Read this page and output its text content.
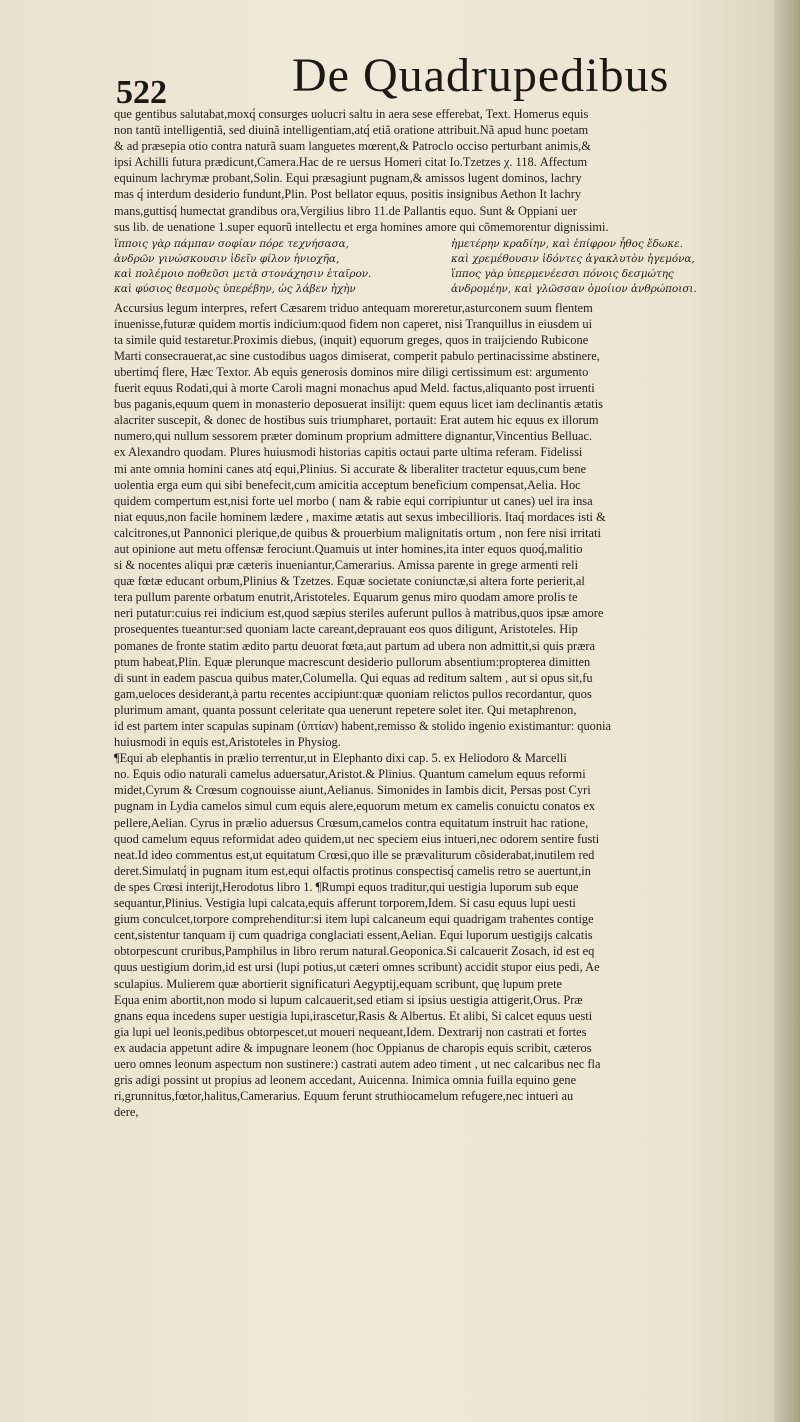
522	De Quadrupedibus
que gentibus salutabat,moxq́ consurges uolucri saltu in aera sese efferebat, Text. Homerus equis
non tantũ intelligentiã, sed diuinã intelligentiam,atq́ etiã oratione attribuit.Nã apud hunc poetam
& ad præsepia otio contra naturã suam languetes mœrent,& Patroclo occiso perturbant animis,&
ipsi Achilli futura prædicunt,Camera.Hac de re uersus Homeri citat Io.Tzetzes χ. 118. Affectum
equinum lachrymæ probant,Solin. Equi præsagiunt pugnam,& amissos lugent dominos, lachry
mas q́ interdum desiderio fundunt,Plin. Post bellator equus, positis insignibus Aethon It lachry
mans,guttisq́ humectat grandibus ora,Vergilius libro 11.de Pallantis equo. Sunt & Oppiani uer
sus lib. de uenatione 1.super equorũ intellectu et erga homines amore qui cõmemorentur dignissimi.
ἵπποις γὰρ πάμπαν σοφίαν πόρε τεχνήσασα,	ἡμετέρην κραδίην, καὶ ἐπίφρον ἦθος ἔδωκε.
ἀνδρῶν γινώσκουσιν ἰδεῖν φίλον ἡνιοχῆα,	καὶ χρεμέθουσιν ἰδόντες ἀγακλυτὸν ἡγεμόνα,
καὶ πολέμοιο ποθεῦσι μετὰ στονάχησιν ἑταῖρον.	ἵππος γὰρ ὑπερμενέεσσι πόνοις δεσμώτης
καὶ φύσιος θεσμοὺς ὑπερέβην, ὡς λάβεν ἠχὴν	ἀνδρομέην, καὶ γλῶσσαν ὁμοίιον ἀνθρώποισι.
Accursius legum interpres, refert Cæsarem triduo antequam moreretur,asturconem suum flentem
inuenisse,futuræ quidem mortis indicium:quod fidem non caperet, nisi Tranquillus in eiusdem ui
ta simile quid testaretur.Proximis diebus, (inquit) equorum greges, quos in traijciendo Rubicone
Marti consecrauerat,ac sine custodibus uagos dimiserat, comperit pabulo pertinacissime abstinere,
ubertimq́ flere, Hæc Textor. Ab equis generosis dominos mire diligi certissimum est: argumento
fuerit equus Rodati,qui à morte Caroli magni monachus apud Meld. factus,aliquanto post irruenti
bus paganis,equum quem in monasterio deposuerat insilijt: quem equus licet iam declinantis ætatis
alacriter suscepit, & donec de hostibus suis triumpharet, portauit: Erat autem hic equus ex illorum
numero,qui nullum sessorem præter dominum proprium admittere dignantur,Vincentius Belluac.
ex Alexandro quodam. Plures huiusmodi historias capitis octaui parte ultima referam. Fidelissi
mi ante omnia homini canes atq́ equi,Plinius. Si accurate & liberaliter tractetur equus,cum bene
uolentia erga eum qui sibi benefecit,cum amicitia acceptum beneficium compensat,Aelia. Hoc
quidem compertum est,nisi forte uel morbo ( nam & rabie equi corripiuntur ut canes) uel ira insa
niat equus,non facile hominem lædere , maxime ætatis aut sexus imbecillioris. Itaq́ mordaces isti &
calcitrones,ut Pannonici plerique,de quibus & prouerbium malignitatis ortum , non fere nisi irritati
aut opinione aut metu offensæ ferociunt.Quamuis ut inter homines,ita inter equos quoq́,malitio
si & nocentes aliqui præ cæteris inueniantur,Camerarius. Amissa parente in grege armenti reli
quæ fœtæ educant orbum,Plinius & Tzetzes. Equæ societate coniunctæ,si altera forte perierit,al
tera pullum parente orbatum enutrit,Aristoteles. Equarum genus miro quodam amore prolis te
neri putatur:cuius rei indicium est,quod sæpius steriles auferunt pullos à matribus,quos ipsæ amore
prosequentes tueantur:sed quoniam lacte careant,deprauant eos quos diligunt, Aristoteles. Hip
pomanes de fronte statim ædito partu deuorat fœta,aut partum ad ubera non admittit,si quis præra
ptum habeat,Plin. Equæ plerunque macrescunt desiderio pullorum absentium:propterea dimitten
di sunt in eadem pascua quibus mater,Columella. Qui equas ad reditum saltem , aut si opus sit,fu
gam,ueloces desiderant,à partu recentes accipiunt:quæ quoniam relictos pullos recordantur, quos
plurimum amant, quanta possunt celeritate qua uenerunt repetere solet iter. Qui metaphrenon,
id est partem inter scapulas supinam (ὑπτίαν) habent,remisso & stolido ingenio existimantur: quonia
huiusmodi in equis est,Aristoteles in Physiog.
¶Equi ab elephantis in prælio terrentur,ut in Elephanto dixi cap. 5. ex Heliodoro & Marcelli
no. Equis odio naturali camelus aduersatur,Aristot.& Plinius. Quantum camelum equus reformi
midet,Cyrum & Crœsum cognouisse aiunt,Aelianus. Simonides in Iambis dicit, Persas post Cyri
pugnam in Lydia camelos simul cum equis alere,equorum metum ex camelis conuictu conatos ex
pellere,Aelian. Cyrus in prælio aduersus Crœsum,camelos contra equitatum instruit hac ratione,
quod camelum equus reformidat adeo quidem,ut nec speciem eius intueri,nec odorem sentire fusti
neat.Id ideo commentus est,ut equitatum Crœsi,quo ille se prævaliturum cõsiderabat,inutilem red
deret.Simulatq́ in pugnam itum est,equi olfactis protinus conspectisq́ camelis retro se auertunt,in
de spes Crœsi interijt,Herodotus libro 1. ¶Rumpi equos traditur,qui uestigia luporum sub eque
sequantur,Plinius. Vestigia lupi calcata,equis afferunt torporem,Idem. Si casu equus lupi uesti
gium conculcet,torpore comprehenditur:si item lupi calcaneum equi quadrigam trahentes contige
cent,sistentur tanquam ij cum quadriga conglaciati essent,Aelian. Equi luporum uestigijs calcatis
obtorpescunt cruribus,Pamphilus in libro rerum natural.Geoponica.Si calcauerit Zosach, id est eq
quus uestigium dorim,id est ursi (lupi potius,ut cæteri omnes scribunt) accidit stupor eius pedi, Ae
sculapius. Mulierem quæ abortierit significaturi Aegyptij,equam scribunt, quę lupum prete
Equa enim abortit,non modo si lupum calcauerit,sed etiam si ipsius uestigia attigerit,Orus. Præ
gnans equa incedens super uestigia lupi,irascetur,Rasis & Albertus. Et alibi, Si calcet equus uesti
gia lupi uel leonis,pedibus obtorpescet,ut moueri nequeant,Idem. Dextrarij non castrati et fortes
ex audacia appetunt adire & impugnare leonem (hoc Oppianus de charopis equis scribit, cæteros
uero omnes leonum aspectum non sustinere:) castrati autem adeo timent , ut nec calcaribus nec fla
gris adigi possint ut propius ad leonem accedant, Auicenna. Inimica omnia fuilla equino gene
ri,grunnitus,fœtor,halitus,Camerarius. Equum ferunt struthiocamelum refugere,nec intueri au
dere,
